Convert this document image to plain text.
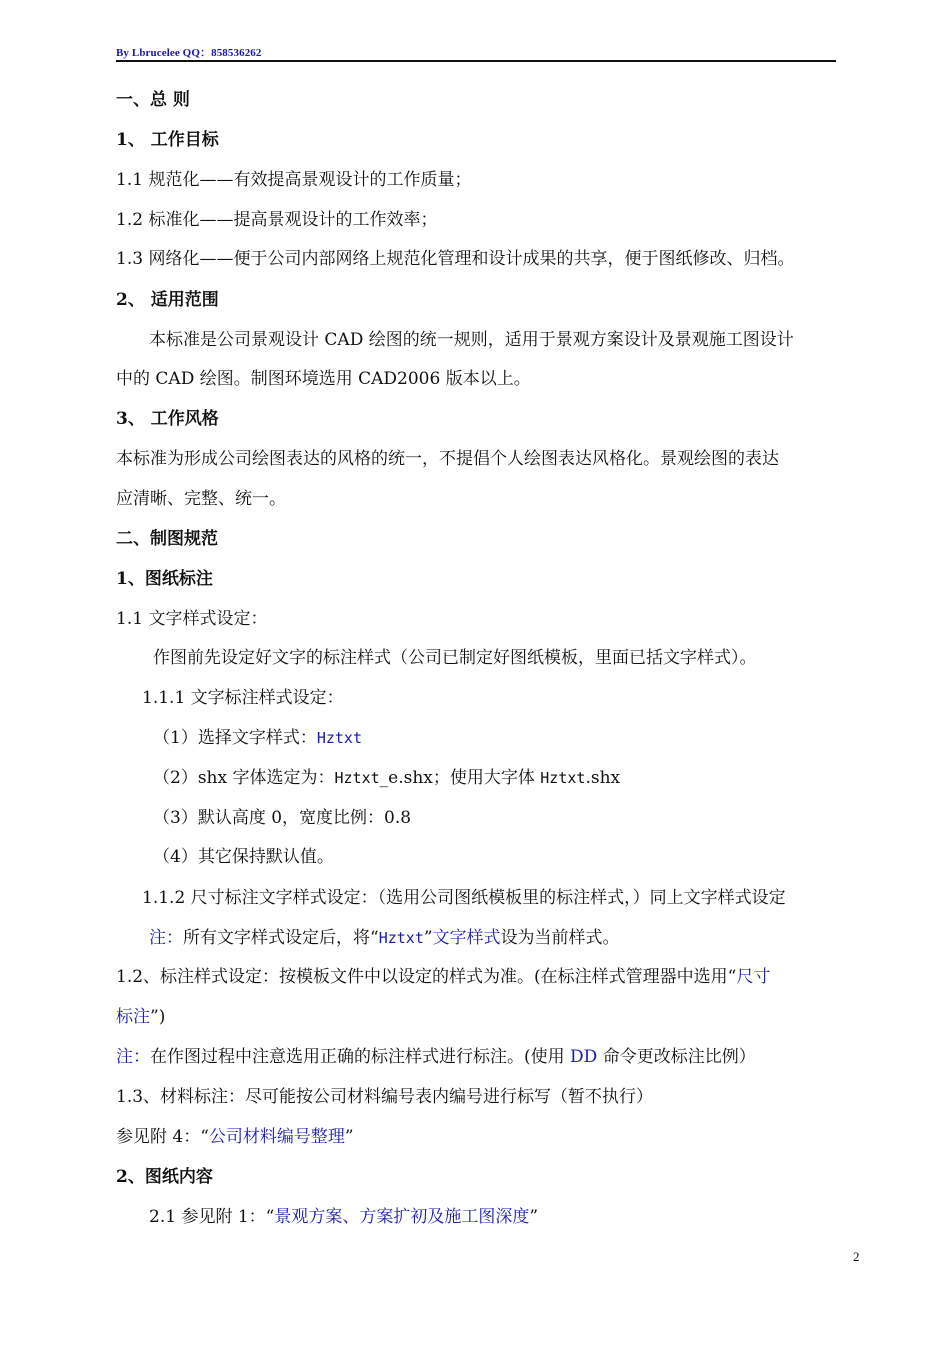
By Lbrucelee QQ：858536262
一、总 则
1、 工作目标
1.1 规范化——有效提高景观设计的工作质量；
1.2 标准化——提高景观设计的工作效率；
1.3 网络化——便于公司内部网络上规范化管理和设计成果的共享，便于图纸修改、归档。
2、 适用范围
本标准是公司景观设计 CAD 绘图的统一规则，适用于景观方案设计及景观施工图设计
中的 CAD 绘图。制图环境选用 CAD2006 版本以上。
3、 工作风格
本标准为形成公司绘图表达的风格的统一，不提倡个人绘图表达风格化。景观绘图的表达
应清晰、完整、统一。
二、制图规范
1、图纸标注
1.1 文字样式设定：
作图前先设定好文字的标注样式（公司已制定好图纸模板，里面已括文字样式）。
1.1.1 文字标注样式设定：
（1）选择文字样式：Hztxt
（2）shx 字体选定为：Hztxt_e.shx；使用大字体 Hztxt.shx
（3）默认高度 0，宽度比例：0.8
（4）其它保持默认值。
1.1.2 尺寸标注文字样式设定：（选用公司图纸模板里的标注样式，）同上文字样式设定
注：所有文字样式设定后，将“Hztxt”文字样式设为当前样式。
1.2、标注样式设定：按模板文件中以设定的样式为准。(在标注样式管理器中选用“尺寸
标注”)
注：在作图过程中注意选用正确的标注样式进行标注。(使用 DD 命令更改标注比例）
1.3、材料标注：尽可能按公司材料编号表内编号进行标写（暂不执行）
参见附 4：“公司材料编号整理”
2、图纸内容
2.1 参见附 1：“景观方案、方案扩初及施工图深度”
2
